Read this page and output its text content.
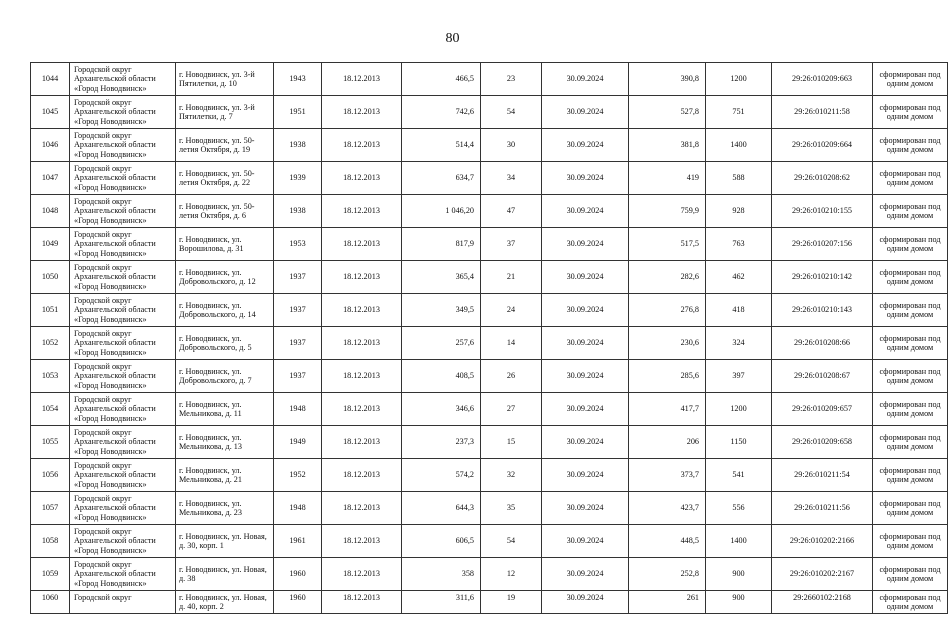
80
1044	Городской округ Архангельской области «Город Новодвинск»	г. Новодвинск, ул. 3-й Пятилетки, д. 10	1943	18.12.2013	466,5	23	30.09.2024	390,8	1200	29:26:010209:663	сформирован под одним домом
1045	Городской округ Архангельской области «Город Новодвинск»	г. Новодвинск, ул. 3-й Пятилетки, д. 7	1951	18.12.2013	742,6	54	30.09.2024	527,8	751	29:26:010211:58	сформирован под одним домом
1046	Городской округ Архангельской области «Город Новодвинск»	г. Новодвинск, ул. 50-летия Октября, д. 19	1938	18.12.2013	514,4	30	30.09.2024	381,8	1400	29:26:010209:664	сформирован под одним домом
1047	Городской округ Архангельской области «Город Новодвинск»	г. Новодвинск, ул. 50-летия Октября, д. 22	1939	18.12.2013	634,7	34	30.09.2024	419	588	29:26:010208:62	сформирован под одним домом
1048	Городской округ Архангельской области «Город Новодвинск»	г. Новодвинск, ул. 50-летия Октября, д. 6	1938	18.12.2013	1 046,20	47	30.09.2024	759,9	928	29:26:010210:155	сформирован под одним домом
1049	Городской округ Архангельской области «Город Новодвинск»	г. Новодвинск, ул. Ворошилова, д. 31	1953	18.12.2013	817,9	37	30.09.2024	517,5	763	29:26:010207:156	сформирован под одним домом
1050	Городской округ Архангельской области «Город Новодвинск»	г. Новодвинск, ул. Добровольского, д. 12	1937	18.12.2013	365,4	21	30.09.2024	282,6	462	29:26:010210:142	сформирован под одним домом
1051	Городской округ Архангельской области «Город Новодвинск»	г. Новодвинск, ул. Добровольского, д. 14	1937	18.12.2013	349,5	24	30.09.2024	276,8	418	29:26:010210:143	сформирован под одним домом
1052	Городской округ Архангельской области «Город Новодвинск»	г. Новодвинск, ул. Добровольского, д. 5	1937	18.12.2013	257,6	14	30.09.2024	230,6	324	29:26:010208:66	сформирован под одним домом
1053	Городской округ Архангельской области «Город Новодвинск»	г. Новодвинск, ул. Добровольского, д. 7	1937	18.12.2013	408,5	26	30.09.2024	285,6	397	29:26:010208:67	сформирован под одним домом
1054	Городской округ Архангельской области «Город Новодвинск»	г. Новодвинск, ул. Мельникова, д. 11	1948	18.12.2013	346,6	27	30.09.2024	417,7	1200	29:26:010209:657	сформирован под одним домом
1055	Городской округ Архангельской области «Город Новодвинск»	г. Новодвинск, ул. Мельникова, д. 13	1949	18.12.2013	237,3	15	30.09.2024	206	1150	29:26:010209:658	сформирован под одним домом
1056	Городской округ Архангельской области «Город Новодвинск»	г. Новодвинск, ул. Мельникова, д. 21	1952	18.12.2013	574,2	32	30.09.2024	373,7	541	29:26:010211:54	сформирован под одним домом
1057	Городской округ Архангельской области «Город Новодвинск»	г. Новодвинск, ул. Мельникова, д. 23	1948	18.12.2013	644,3	35	30.09.2024	423,7	556	29:26:010211:56	сформирован под одним домом
1058	Городской округ Архангельской области «Город Новодвинск»	г. Новодвинск, ул. Новая, д. 30, корп. 1	1961	18.12.2013	606,5	54	30.09.2024	448,5	1400	29:26:010202:2166	сформирован под одним домом
1059	Городской округ Архангельской области «Город Новодвинск»	г. Новодвинск, ул. Новая, д. 38	1960	18.12.2013	358	12	30.09.2024	252,8	900	29:26:010202:2167	сформирован под одним домом
1060	Городской округ	г. Новодвинск, ул. Новая, д. 40, корп. 2	1960	18.12.2013	311,6	19	30.09.2024	261	900	29:2660102:2168	сформирован под одним домом
